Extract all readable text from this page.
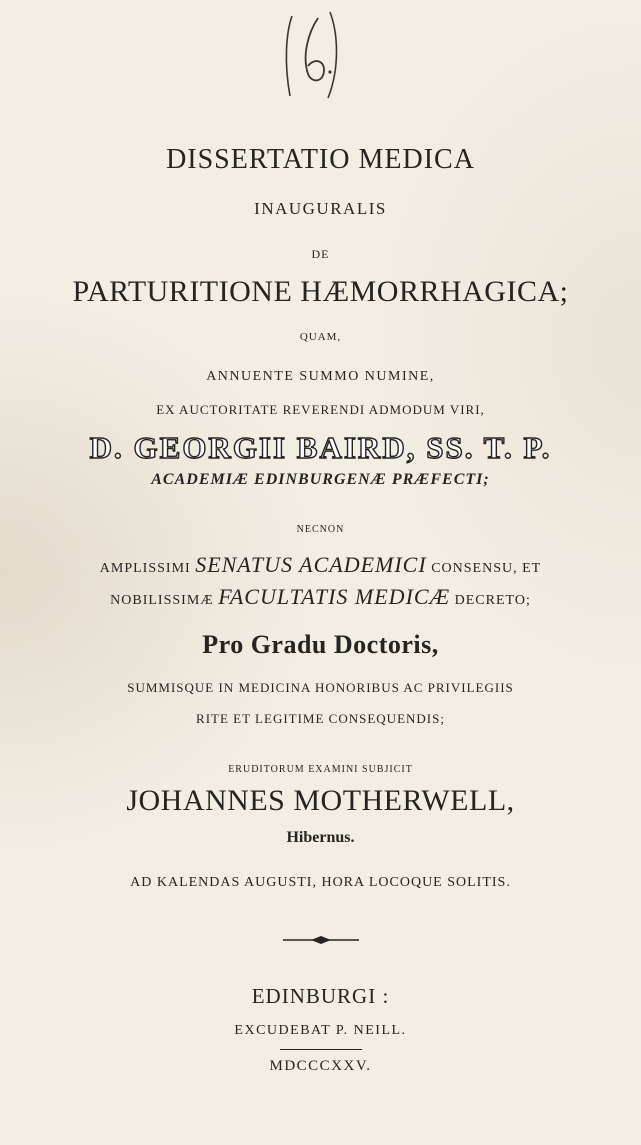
DISSERTATIO MEDICA
INAUGURALIS
DE
PARTURITIONE HÆMORRHAGICA;
QUAM,
ANNUENTE SUMMO NUMINE,
EX AUCTORITATE REVERENDI ADMODUM VIRI,
D. GEORGII BAIRD, SS. T. P.
ACADEMIÆ EDINBURGENÆ PRÆFECTI;
NECNON
AMPLISSIMI SENATUS ACADEMICI CONSENSU, ET
NOBILISSIMÆ FACULTATIS MEDICÆ DECRETO;
Pro Gradu Doctoris,
SUMMISQUE IN MEDICINA HONORIBUS AC PRIVILEGIIS
RITE ET LEGITIME CONSEQUENDIS;
ERUDITORUM EXAMINI SUBJICIT
JOHANNES MOTHERWELL,
Hibernus.
AD KALENDAS AUGUSTI, HORA LOCOQUE SOLITIS.
EDINBURGI :
EXCUDEBAT P. NEILL.
MDCCCXXV.
